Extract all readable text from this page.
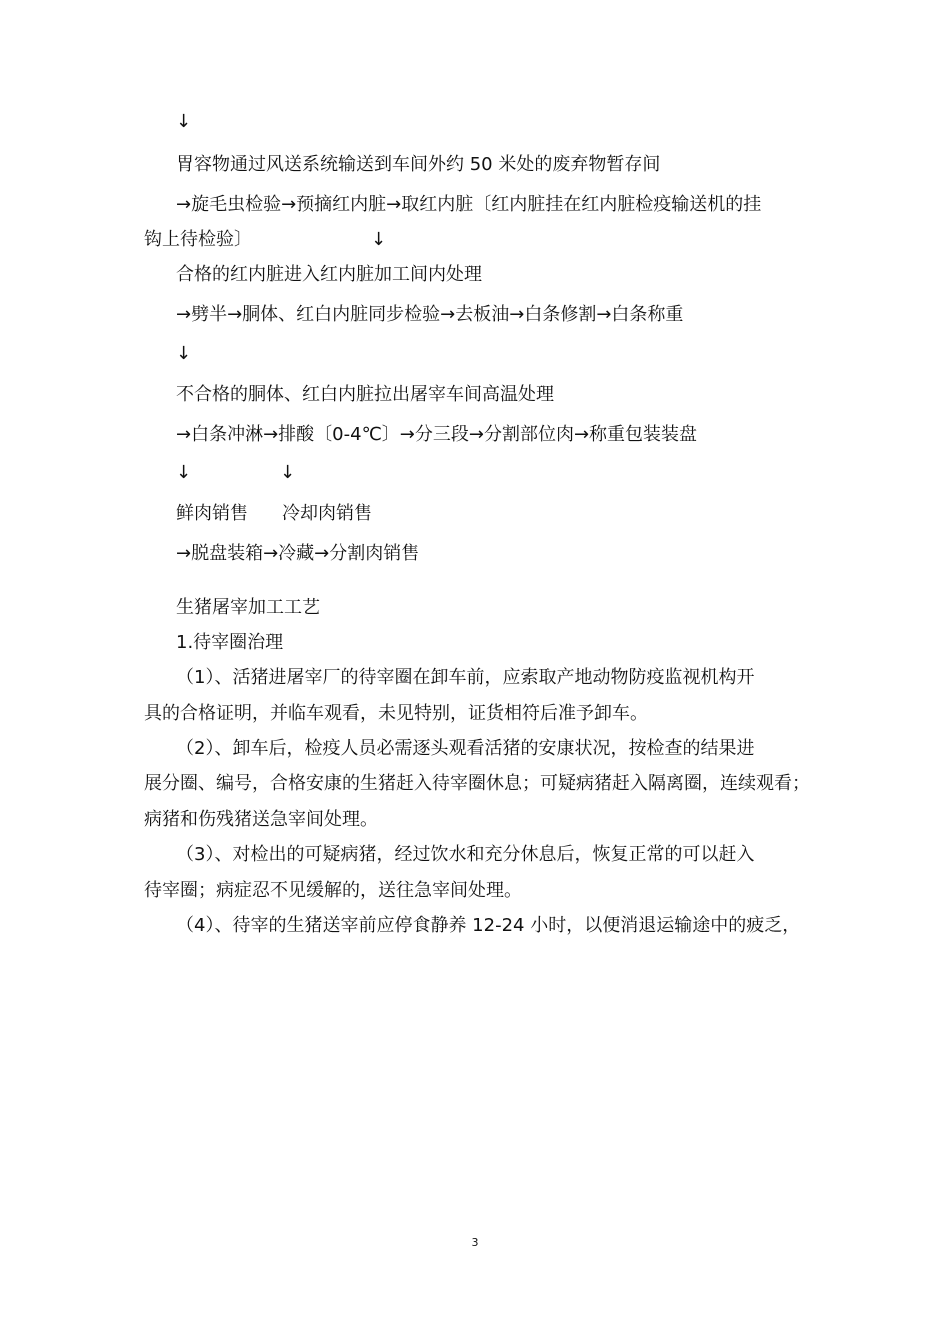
↓

胃容物通过风送系统输送到车间外约 50 米处的废弃物暂存间

→旋毛虫检验→预摘红内脏→取红内脏〔红内脏挂在红内脏检疫输送机的挂

钩上待检验〕	↓

合格的红内脏进入红内脏加工间内处理

→劈半→胴体、红白内脏同步检验→去板油→白条修割→白条称重

↓

不合格的胴体、红白内脏拉出屠宰车间高温处理

→白条冲淋→排酸〔0-4℃〕→分三段→分割部位肉→称重包装装盘

↓	↓

鲜肉销售 冷却肉销售

→脱盘装箱→冷藏→分割肉销售

生猪屠宰加工工艺

1.待宰圈治理

（1）、活猪进屠宰厂的待宰圈在卸车前，应索取产地动物防疫监视机构开

具的合格证明，并临车观看，未见特别，证货相符后准予卸车。

（2）、卸车后，检疫人员必需逐头观看活猪的安康状况，按检查的结果进

展分圈、编号，合格安康的生猪赶入待宰圈休息；可疑病猪赶入隔离圈，连续观看；

病猪和伤残猪送急宰间处理。

（3）、对检出的可疑病猪，经过饮水和充分休息后，恢复正常的可以赶入

待宰圈；病症忍不见缓解的，送往急宰间处理。

（4）、待宰的生猪送宰前应停食静养 12-24 小时，以便消退运输途中的疲乏，

3
